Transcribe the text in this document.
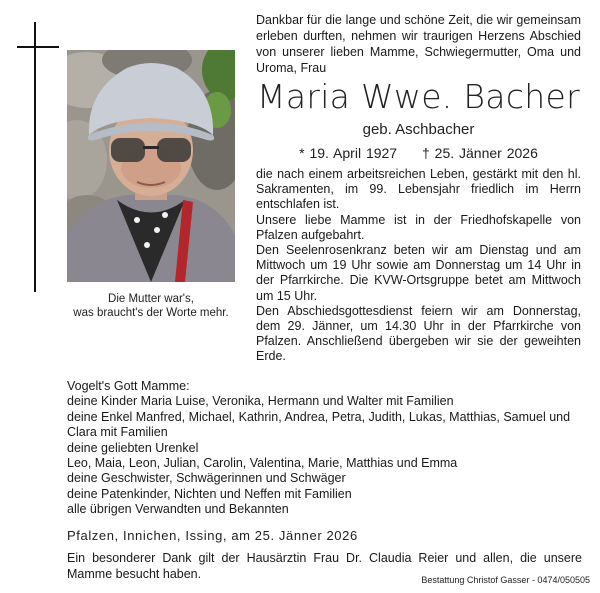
Die Mutter war's,
was braucht's der Worte mehr.
Dankbar für die lange und schöne Zeit, die wir gemeinsam erleben durften, nehmen wir traurigen Herzens Abschied von unserer lieben Mamme, Schwiegermutter, Oma und Uroma, Frau
Maria Wwe. Bacher
geb. Aschbacher
* 19. April 1927 † 25. Jänner 2026

die nach einem arbeitsreichen Leben, gestärkt mit den hl. Sakramenten, im 99. Lebensjahr friedlich im Herrn entschlafen ist.

Unsere liebe Mamme ist in der Friedhofskapelle von Pfalzen aufgebahrt.

Den Seelenrosenkranz beten wir am Dienstag und am Mittwoch um 19 Uhr sowie am Donnerstag um 14 Uhr in der Pfarrkirche. Die KVW-Ortsgruppe betet am Mittwoch um 15 Uhr.

Den Abschiedsgottesdienst feiern wir am Donnerstag, dem 29. Jänner, um 14.30 Uhr in der Pfarrkirche von Pfalzen. Anschließend übergeben wir sie der geweihten Erde.

Vogelt's Gott Mamme:
deine Kinder Maria Luise, Veronika, Hermann und Walter mit Familien
deine Enkel Manfred, Michael, Kathrin, Andrea, Petra, Judith, Lukas, Matthias, Samuel und Clara mit Familien
deine geliebten Urenkel
Leo, Maia, Leon, Julian, Carolin, Valentina, Marie, Matthias und Emma
deine Geschwister, Schwägerinnen und Schwäger
deine Patenkinder, Nichten und Neffen mit Familien
alle übrigen Verwandten und Bekannten
Pfalzen, Innichen, Issing, am 25. Jänner 2026
Ein besonderer Dank gilt der Hausärztin Frau Dr. Claudia Reier und allen, die unsere Mamme besucht haben.	Bestattung Christof Gasser - 0474/050505
